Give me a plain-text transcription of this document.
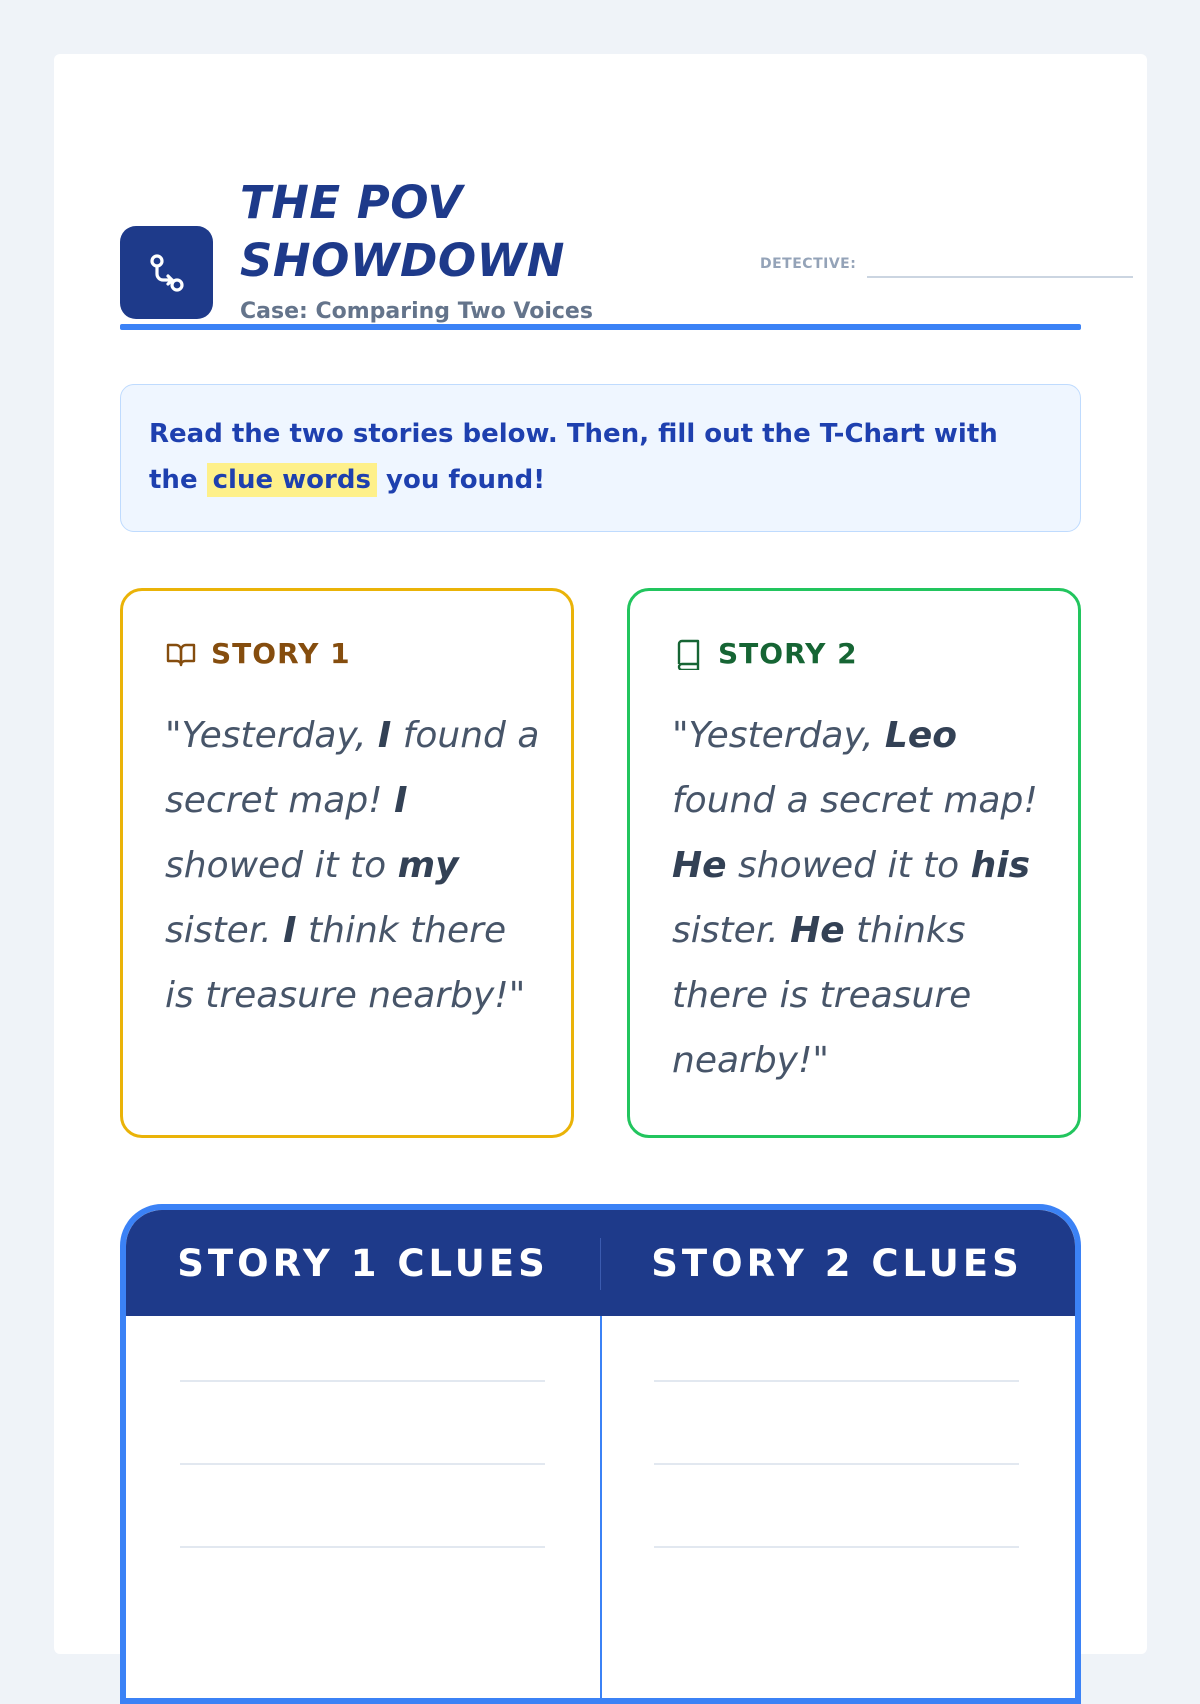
THE POV
SHOWDOWN
Case: Comparing Two Voices
DETECTIVE:
Read the two stories below. Then, fill out the T-Chart with the clue words you found!
STORY 1
"Yesterday, I found a secret map! I showed it to my sister. I think there is treasure nearby!"
STORY 2
"Yesterday, Leo found a secret map! He showed it to his sister. He thinks there is treasure nearby!"
STORY 1 CLUES	STORY 2 CLUES
